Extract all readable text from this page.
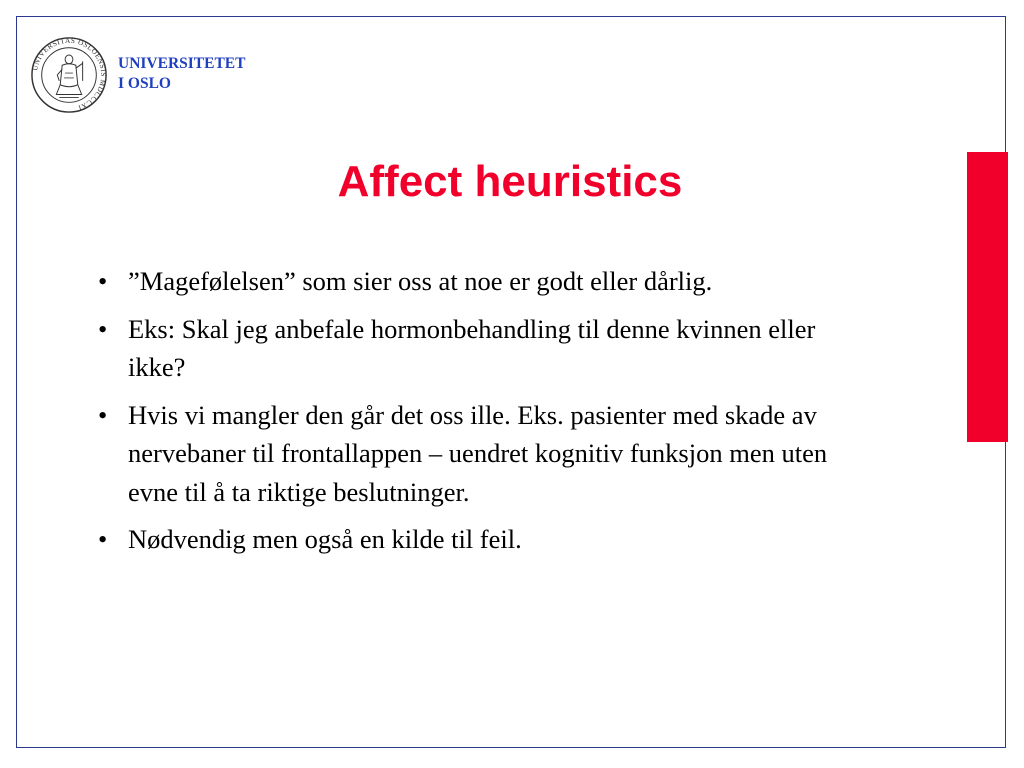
UNIVERSITAS OSLOENSIS MDCCCXI
UNIVERSITETET
I OSLO
Affect heuristics
• ”Magefølelsen” som sier oss at noe er godt eller dårlig.
• Eks: Skal jeg anbefale hormonbehandling til denne kvinnen eller ikke?
• Hvis vi mangler den går det oss ille. Eks. pasienter med skade av nervebaner til frontallappen – uendret kognitiv funksjon men uten evne til å ta riktige beslutninger.
• Nødvendig men også en kilde til feil.
